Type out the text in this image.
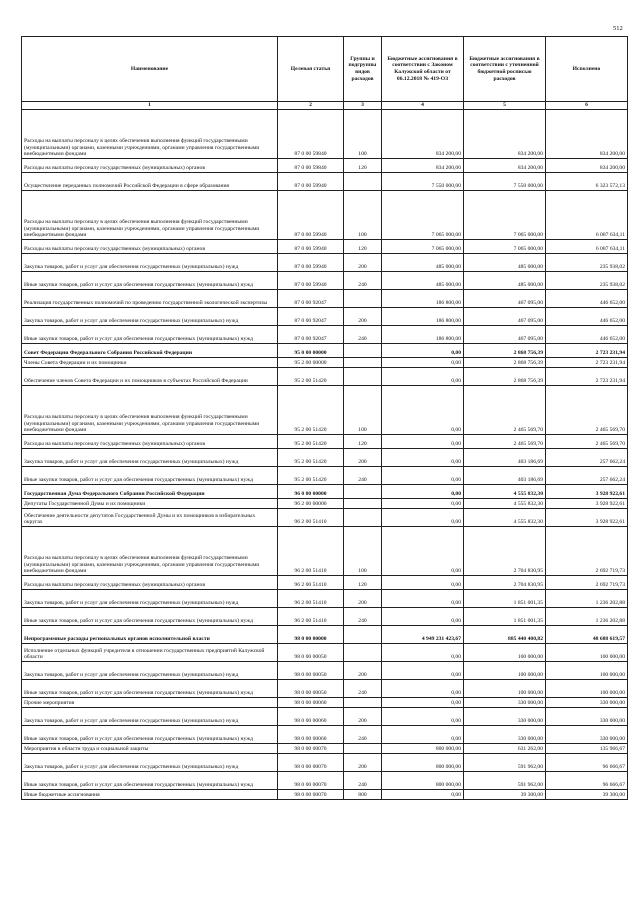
512
Наименование	Целевая статья	Группы и подгруппы видов расходов	Бюджетные ассигнования в соответствии с Законом Калужской области от 06.12.2018 № 419-ОЗ	Бюджетные ассигнования в соответствии с уточненной бюджетной росписью расходов	Исполнено
1	2	3	4	5	6
Расходы на выплаты персоналу в целях обеспечения выполнения функций государственными (муниципальными) органами, казенными учреждениями, органами управления государственными внебюджетными фондами	87 0 00 59840	100	834 200,00	834 200,00	834 200,00
Расходы на выплаты персоналу государственных (муниципальных) органов	87 0 00 59840	120	834 200,00	834 200,00	834 200,00
Осуществление переданных полномочий Российской Федерации в сфере образования	87 0 00 59940		7 550 000,00	7 550 000,00	6 323 572,13
Расходы на выплаты персоналу в целях обеспечения выполнения функций государственными (муниципальными) органами, казенными учреждениями, органами управления государственными внебюджетными фондами	87 0 00 59940	100	7 065 000,00	7 065 000,00	6 087 634,11
Расходы на выплаты персоналу государственных (муниципальных) органов	87 0 00 59940	120	7 065 000,00	7 065 000,00	6 087 634,11
Закупка товаров, работ и услуг для обеспечения государственных (муниципальных) нужд	87 0 00 59940	200	485 000,00	485 000,00	235 938,02
Иные закупки товаров, работ и услуг для обеспечения государственных (муниципальных) нужд	87 0 00 59940	240	485 000,00	485 000,00	235 938,02
Реализация государственных полномочий по проведению государственной экологической экспертизы	87 0 00 92047		186 800,00	467 095,00	446 652,00
Закупка товаров, работ и услуг для обеспечения государственных (муниципальных) нужд	87 0 00 92047	200	186 800,00	467 095,00	446 652,00
Иные закупки товаров, работ и услуг для обеспечения государственных (муниципальных) нужд	87 0 00 92047	240	186 800,00	467 095,00	446 652,00
Совет Федерации Федерального Собрания Российской Федерации	95 0 00 00000		0,00	2 868 756,39	2 723 231,94
Члены Совета Федерации и их помощники	95 2 00 00000		0,00	2 868 756,39	2 723 231,94
Обеспечение членов Совета Федерации и их помощников в субъектах Российской Федерации	95 2 00 51420		0,00	2 868 756,39	2 723 231,94
Расходы на выплаты персоналу в целях обеспечения выполнения функций государственными (муниципальными) органами, казенными учреждениями, органами управления государственными внебюджетными фондами	95 2 00 51420	100	0,00	2 465 569,70	2 465 569,70
Расходы на выплаты персоналу государственных (муниципальных) органов	95 2 00 51420	120	0,00	2 465 569,70	2 465 569,70
Закупка товаров, работ и услуг для обеспечения государственных (муниципальных) нужд	95 2 00 51420	200	0,00	403 186,69	257 662,24
Иные закупки товаров, работ и услуг для обеспечения государственных (муниципальных) нужд	95 2 00 51420	240	0,00	403 186,69	257 662,24
Государственная Дума Федерального Собрания Российской Федерации	96 0 00 00000		0,00	4 555 832,30	3 928 922,61
Депутаты Государственной Думы и их помощники	96 2 00 00000		0,00	4 555 832,30	3 928 922,61
Обеспечение деятельности депутатов Государственной Думы и их помощников в избирательных округах	96 2 00 51410		0,00	4 555 832,30	3 928 922,61
Расходы на выплаты персоналу в целях обеспечения выполнения функций государственными (муниципальными) органами, казенными учреждениями, органами управления государственными внебюджетными фондами	96 2 00 51410	100	0,00	2 704 830,95	2 692 719,73
Расходы на выплаты персоналу государственных (муниципальных) органов	96 2 00 51410	120	0,00	2 704 830,95	2 692 719,73
Закупка товаров, работ и услуг для обеспечения государственных (муниципальных) нужд	96 2 00 51410	200	0,00	1 851 001,35	1 236 202,88
Иные закупки товаров, работ и услуг для обеспечения государственных (муниципальных) нужд	96 2 00 51410	240	0,00	1 851 001,35	1 236 202,88
Непрограммные расходы региональных органов исполнительной власти	98 0 00 00000		4 949 231 423,67	885 440 400,82	48 688 619,57
Исполнение отдельных функций учредителя в отношении государственных предприятий Калужской области	98 0 00 00050		0,00	100 000,00	100 000,00
Закупка товаров, работ и услуг для обеспечения государственных (муниципальных) нужд	98 0 00 00050	200	0,00	100 000,00	100 000,00
Иные закупки товаров, работ и услуг для обеспечения государственных (муниципальных) нужд	98 0 00 00050	240	0,00	100 000,00	100 000,00
Прочие мероприятия	98 0 00 00060		0,00	330 000,00	330 000,00
Закупка товаров, работ и услуг для обеспечения государственных (муниципальных) нужд	98 0 00 00060	200	0,00	330 000,00	330 000,00
Иные закупки товаров, работ и услуг для обеспечения государственных (муниципальных) нужд	98 0 00 00060	240	0,00	330 000,00	330 000,00
Мероприятия в области труда и социальной защиты	98 0 00 00070		800 000,00	631 262,00	135 966,67
Закупка товаров, работ и услуг для обеспечения государственных (муниципальных) нужд	98 0 00 00070	200	800 000,00	591 962,00	96 666,67
Иные закупки товаров, работ и услуг для обеспечения государственных (муниципальных) нужд	98 0 00 00070	240	800 000,00	591 962,00	96 666,67
Иные бюджетные ассигнования	98 0 00 00070	800	0,00	39 300,00	39 300,00
